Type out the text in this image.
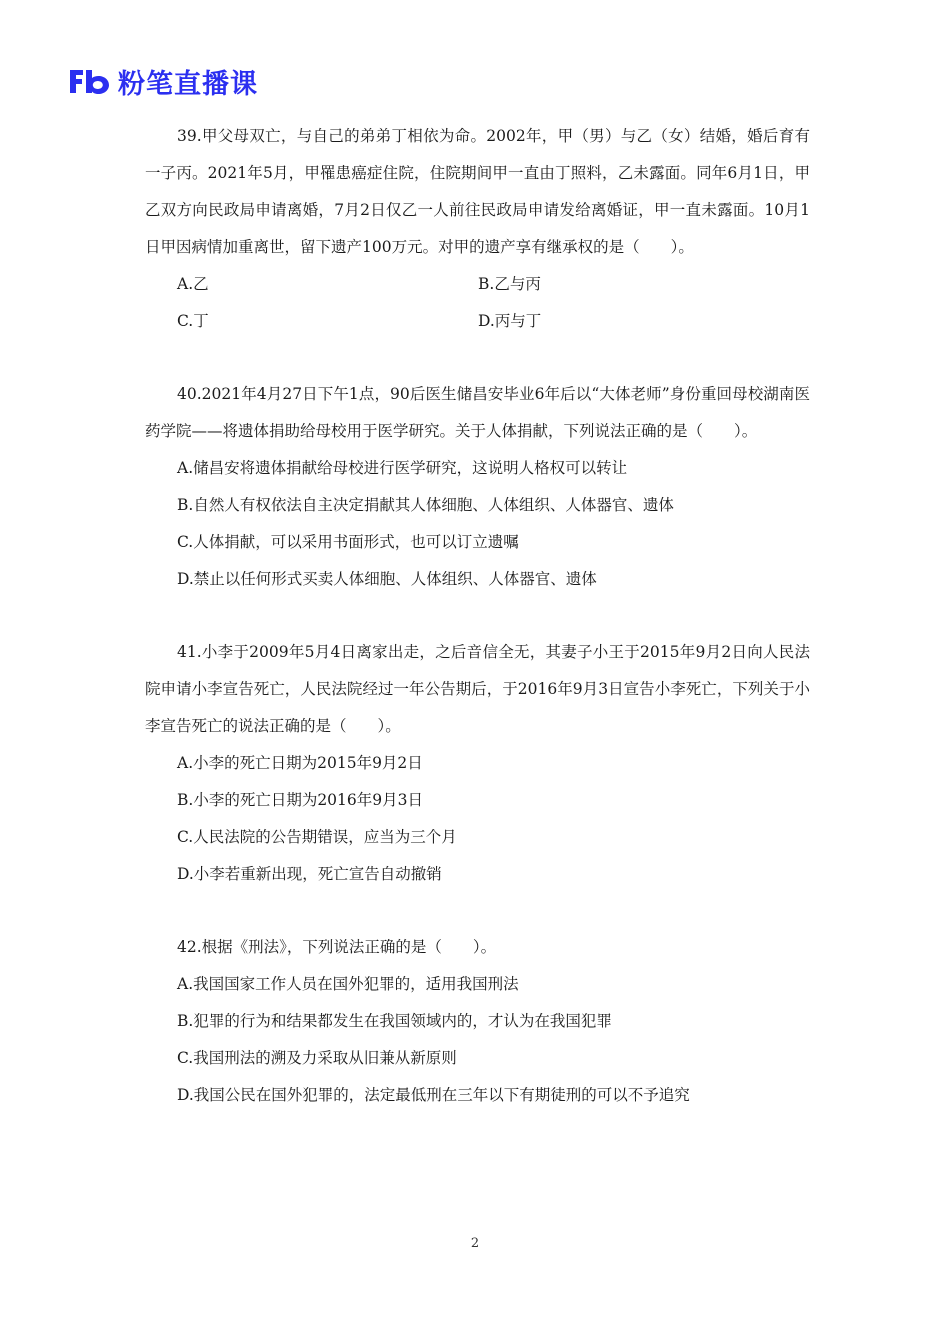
粉笔直播课

39.甲父母双亡，与自己的弟弟丁相依为命。2002年，甲（男）与乙（女）结婚，婚后育有一子丙。2021年5月，甲罹患癌症住院，住院期间甲一直由丁照料，乙未露面。同年6月1日，甲乙双方向民政局申请离婚，7月2日仅乙一人前往民政局申请发给离婚证，甲一直未露面。10月1日甲因病情加重离世，留下遗产100万元。对甲的遗产享有继承权的是（　　）。

A.乙	B.乙与丙
C.丁	D.丙与丁

40.2021年4月27日下午1点，90后医生储昌安毕业6年后以“大体老师”身份重回母校湖南医药学院——将遗体捐助给母校用于医学研究。关于人体捐献，下列说法正确的是（　　）。

A.储昌安将遗体捐献给母校进行医学研究，这说明人格权可以转让
B.自然人有权依法自主决定捐献其人体细胞、人体组织、人体器官、遗体
C.人体捐献，可以采用书面形式，也可以订立遗嘱
D.禁止以任何形式买卖人体细胞、人体组织、人体器官、遗体

41.小李于2009年5月4日离家出走，之后音信全无，其妻子小王于2015年9月2日向人民法院申请小李宣告死亡，人民法院经过一年公告期后，于2016年9月3日宣告小李死亡，下列关于小李宣告死亡的说法正确的是（　　）。

A.小李的死亡日期为2015年9月2日
B.小李的死亡日期为2016年9月3日
C.人民法院的公告期错误，应当为三个月
D.小李若重新出现，死亡宣告自动撤销

42.根据《刑法》，下列说法正确的是（　　）。

A.我国国家工作人员在国外犯罪的，适用我国刑法
B.犯罪的行为和结果都发生在我国领域内的，才认为在我国犯罪
C.我国刑法的溯及力采取从旧兼从新原则
D.我国公民在国外犯罪的，法定最低刑在三年以下有期徒刑的可以不予追究
2
